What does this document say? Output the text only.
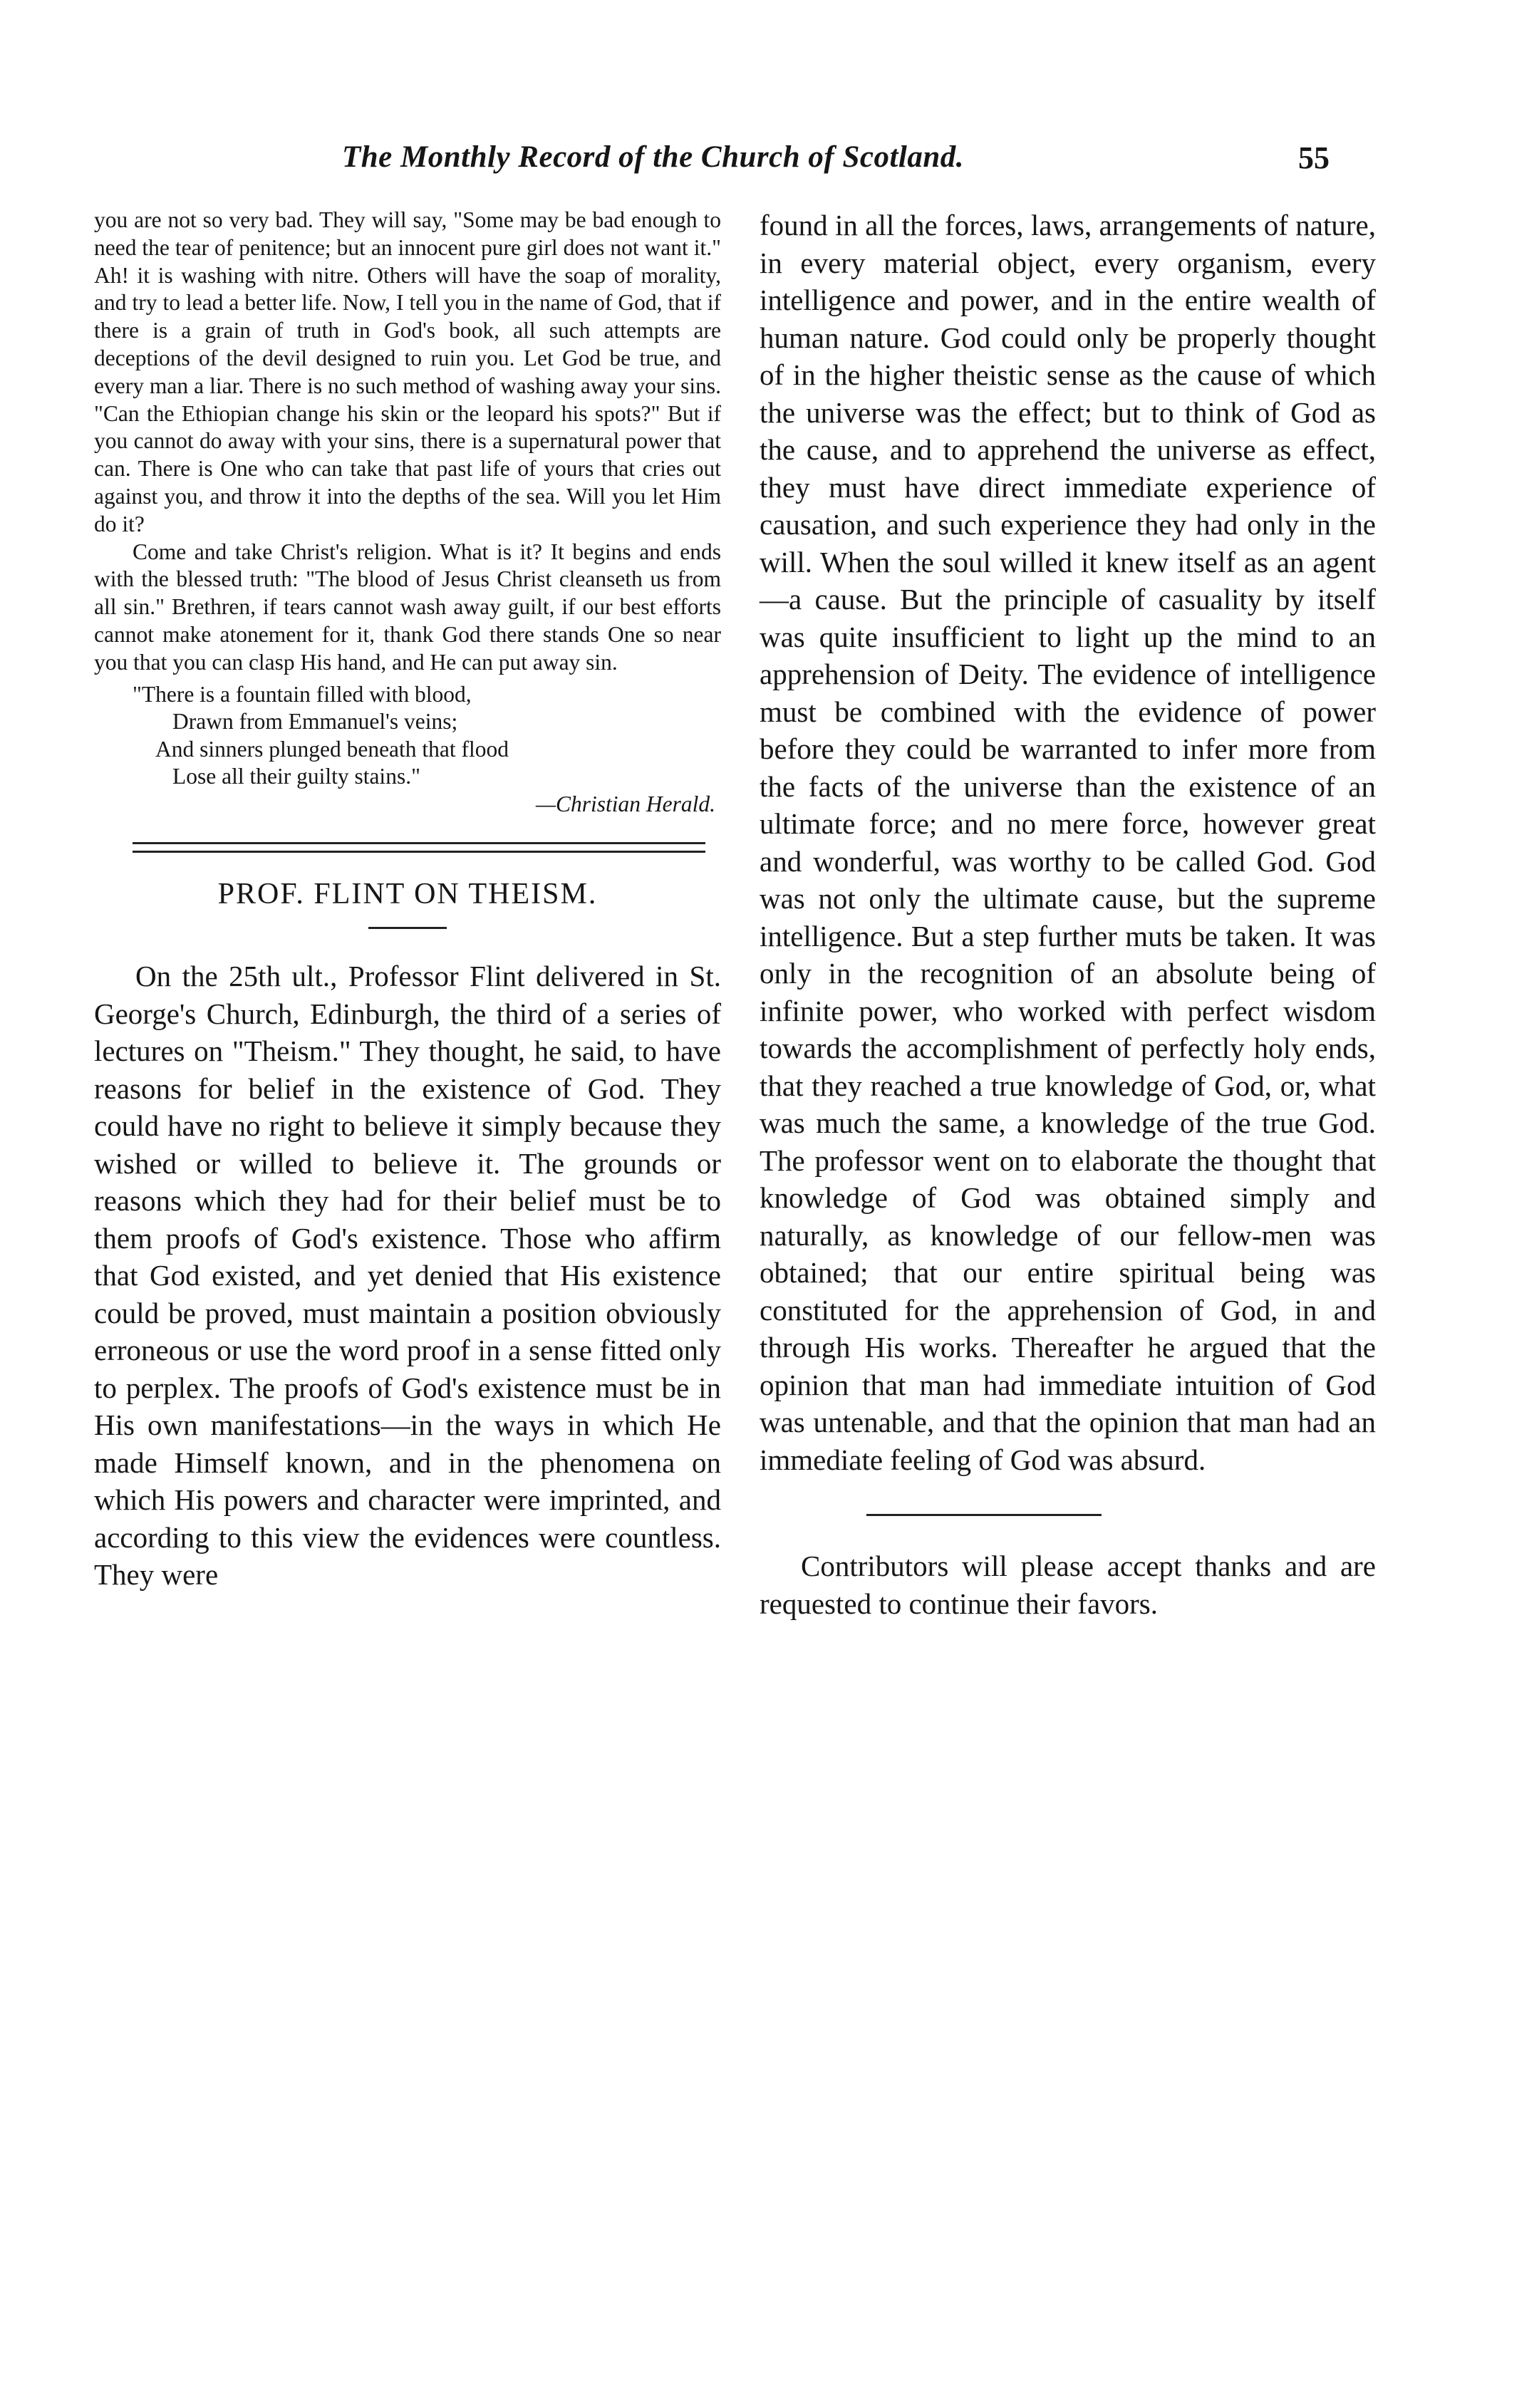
The Monthly Record of the Church of Scotland.	55

you are not so very bad. They will say, "Some may be bad enough to need the tear of penitence; but an innocent pure girl does not want it." Ah! it is washing with nitre. Others will have the soap of morality, and try to lead a better life. Now, I tell you in the name of God, that if there is a grain of truth in God's book, all such attempts are deceptions of the devil designed to ruin you. Let God be true, and every man a liar. There is no such method of washing away your sins. "Can the Ethiopian change his skin or the leopard his spots?" But if you cannot do away with your sins, there is a supernatural power that can. There is One who can take that past life of yours that cries out against you, and throw it into the depths of the sea. Will you let Him do it?

Come and take Christ's religion. What is it? It begins and ends with the blessed truth: "The blood of Jesus Christ cleanseth us from all sin." Brethren, if tears cannot wash away guilt, if our best efforts cannot make atonement for it, thank God there stands One so near you that you can clasp His hand, and He can put away sin.

"There is a fountain filled with blood,
Drawn from Emmanuel's veins;
And sinners plunged beneath that flood
Lose all their guilty stains."
—Christian Herald.
PROF. FLINT ON THEISM.

On the 25th ult., Professor Flint delivered in St. George's Church, Edinburgh, the third of a series of lectures on "Theism." They thought, he said, to have reasons for belief in the existence of God. They could have no right to believe it simply because they wished or willed to believe it. The grounds or reasons which they had for their belief must be to them proofs of God's existence. Those who affirm that God existed, and yet denied that His existence could be proved, must maintain a position obviously erroneous or use the word proof in a sense fitted only to perplex. The proofs of God's existence must be in His own manifestations—in the ways in which He made Himself known, and in the phenomena on which His powers and character were imprinted, and according to this view the evidences were countless. They were

found in all the forces, laws, arrangements of nature, in every material object, every organism, every intelligence and power, and in the entire wealth of human nature. God could only be properly thought of in the higher theistic sense as the cause of which the universe was the effect; but to think of God as the cause, and to apprehend the universe as effect, they must have direct immediate experience of causation, and such experience they had only in the will. When the soul willed it knew itself as an agent—a cause. But the principle of casuality by itself was quite insufficient to light up the mind to an apprehension of Deity. The evidence of intelligence must be combined with the evidence of power before they could be warranted to infer more from the facts of the universe than the existence of an ultimate force; and no mere force, however great and wonderful, was worthy to be called God. God was not only the ultimate cause, but the supreme intelligence. But a step further muts be taken. It was only in the recognition of an absolute being of infinite power, who worked with perfect wisdom towards the accomplishment of perfectly holy ends, that they reached a true knowledge of God, or, what was much the same, a knowledge of the true God. The professor went on to elaborate the thought that knowledge of God was obtained simply and naturally, as knowledge of our fellow-men was obtained; that our entire spiritual being was constituted for the apprehension of God, in and through His works. Thereafter he argued that the opinion that man had immediate intuition of God was untenable, and that the opinion that man had an immediate feeling of God was absurd.

Contributors will please accept thanks and are requested to continue their favors.
